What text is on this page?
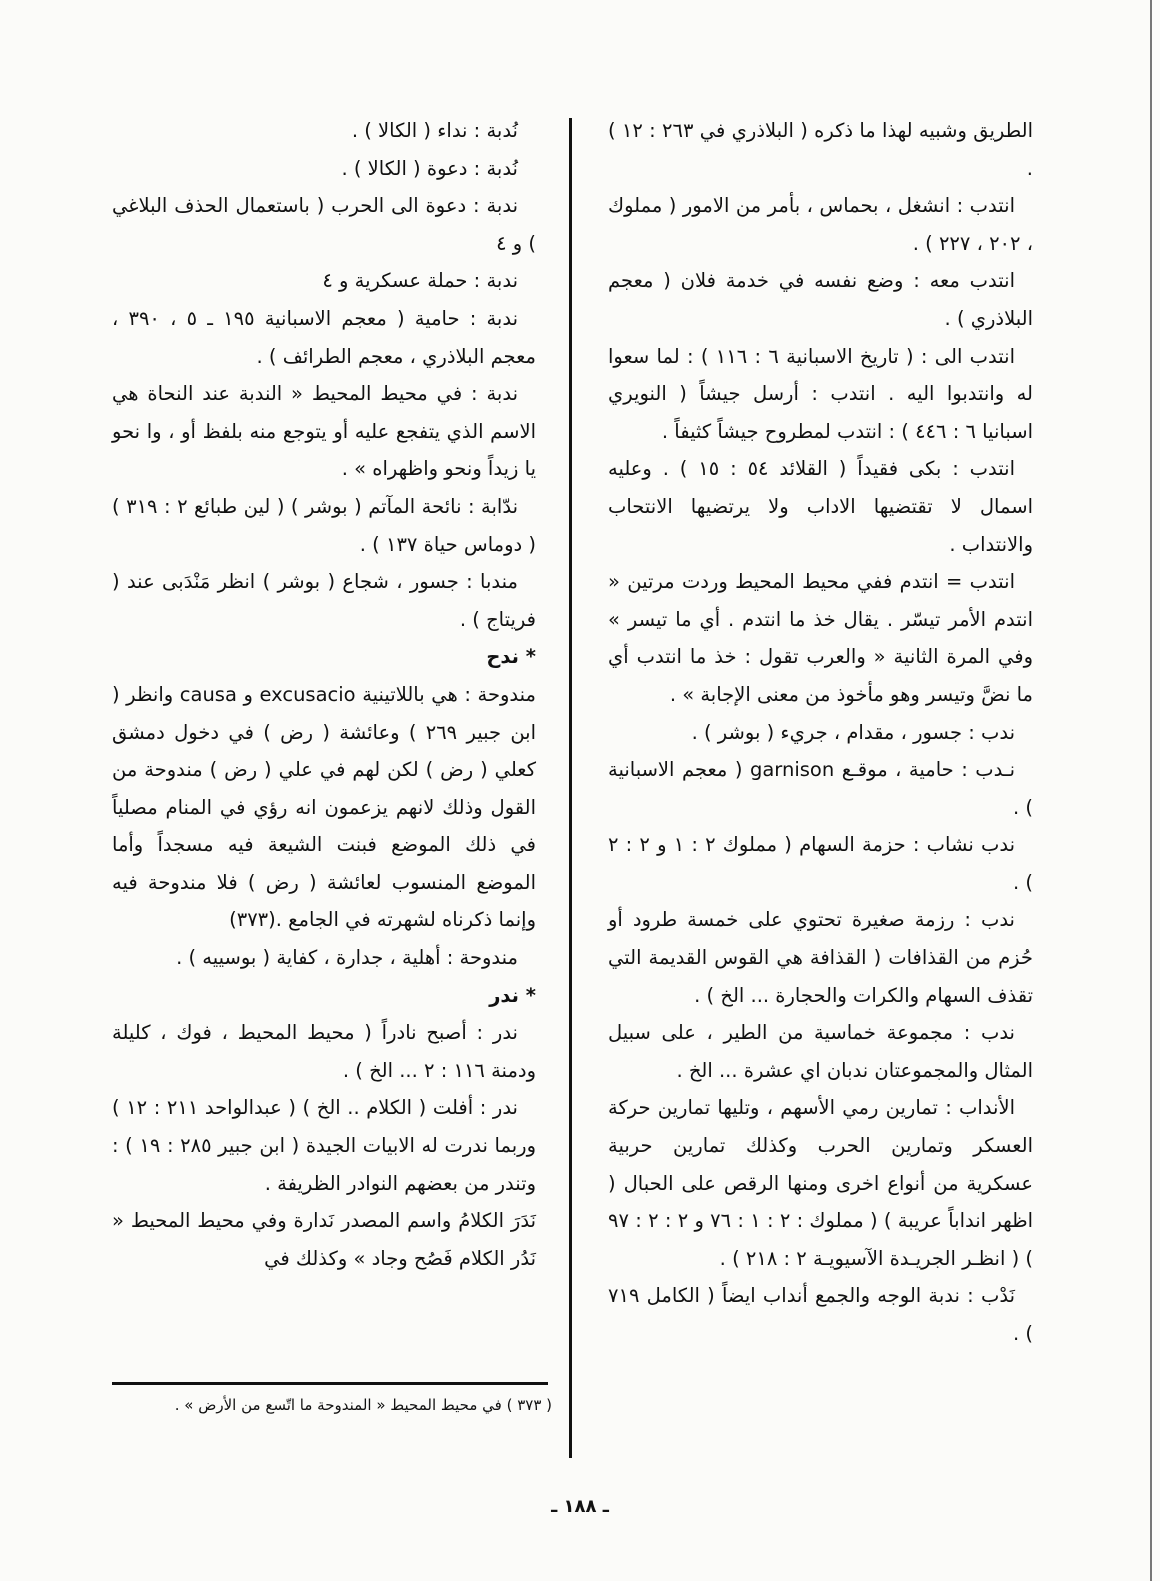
الطريق وشبيه لهذا ما ذكره ( البلاذري في ٢٦٣ : ١٢ ) .

انتدب : انشغل ، بحماس ، بأمر من الامور ( مملوك ، ٢٠٢ ، ٢٢٧ ) .

انتدب معه : وضع نفسه في خدمة فلان ( معجم البلاذري ) .

انتدب الى : ( تاريخ الاسبانية ٦ : ١١٦ ) : لما سعوا له وانتدبوا اليه . انتدب : أرسل جيشاً ( النويري اسبانيا ٦ : ٤٤٦ ) : انتدب لمطروح جيشاً كثيفاً .

انتدب : بكى فقيداً ( القلائد ٥٤ : ١٥ ) . وعليه اسمال لا تقتضيها الاداب ولا يرتضيها الانتحاب والانتداب .

انتدب = انتدم ففي محيط المحيط وردت مرتين « انتدم الأمر تيسّر . يقال خذ ما انتدم . أي ما تيسر » وفي المرة الثانية « والعرب تقول : خذ ما انتدب أي ما نضَّ وتيسر وهو مأخوذ من معنى الإجابة » .

ندب : جسور ، مقدام ، جريء ( بوشر ) .

نـدب : حامية ، موقـع garnison ( معجم الاسبانية ) .

ندب نشاب : حزمة السهام ( مملوك ٢ : ١ و ٢ : ٢ ) .

ندب : رزمة صغيرة تحتوي على خمسة طرود أو حُزم من القذافات ( القذافة هي القوس القديمة التي تقذف السهام والكرات والحجارة ... الخ ) .

ندب : مجموعة خماسية من الطير ، على سبيل المثال والمجموعتان ندبان اي عشرة ... الخ .

الأنداب : تمارين رمي الأسهم ، وتليها تمارين حركة العسكر وتمارين الحرب وكذلك تمارين حربية عسكرية من أنواع اخرى ومنها الرقص على الحبال ( اظهر انداباً عريبة ) ( مملوك : ٢ : ١ : ٧٦ و ٢ : ٢ : ٩٧ ) ( انظـر الجريـدة الآسيويـة ٢ : ٢١٨ ) .

نَدْب : ندبة الوجه والجمع أنداب ايضاً ( الكامل ٧١٩ ) .

نُدبة : نداء ( الكالا ) .

نُدبة : دعوة ( الكالا ) .

ندبة : دعوة الى الحرب ( باستعمال الحذف البلاغي ) و ٤

ندبة : حملة عسكرية و ٤

ندبة : حامية ( معجم الاسبانية ١٩٥ ـ ٥ ، ٣٩٠ ، معجم البلاذري ، معجم الطرائف ) .

ندبة : في محيط المحيط « الندبة عند النحاة هي الاسم الذي يتفجع عليه أو يتوجع منه بلفظ أو ، وا نحو يا زيداً ونحو واظهراه » .

ندّابة : نائحة المآتم ( بوشر ) ( لين طبائع ٢ : ٣١٩ ) ( دوماس حياة ١٣٧ ) .

مندبا : جسور ، شجاع ( بوشر ) انظر مَنْدَبى عند ( فريتاج ) .

* ندح

مندوحة : هي باللاتينية excusacio و causa وانظر ( ابن جبير ٢٦٩ ) وعائشة ( رض ) في دخول دمشق كعلي ( رض ) لكن لهم في علي ( رض ) مندوحة من القول وذلك لانهم يزعمون انه رؤي في المنام مصلياً في ذلك الموضع فبنت الشيعة فيه مسجداً وأما الموضع المنسوب لعائشة ( رض ) فلا مندوحة فيه وإنما ذكرناه لشهرته في الجامع .(٣٧٣)

مندوحة : أهلية ، جدارة ، كفاية ( بوسييه ) .

* ندر

ندر : أصبح نادراً ( محيط المحيط ، فوك ، كليلة ودمنة ١١٦ : ٢ ... الخ ) .

ندر : أفلت ( الكلام .. الخ ) ( عبدالواحد ٢١١ : ١٢ ) وربما ندرت له الابيات الجيدة ( ابن جبير ٢٨٥ : ١٩ ) : وتندر من بعضهم النوادر الظريفة .

نَدَرَ الكلامُ واسم المصدر نَدارة وفي محيط المحيط « نَدُر الكلام فَصُح وجاد » وكذلك في

( ٣٧٣ ) في محيط المحيط « المندوحة ما اتّسع من الأرض » .
ـ ١٨٨ ـ
